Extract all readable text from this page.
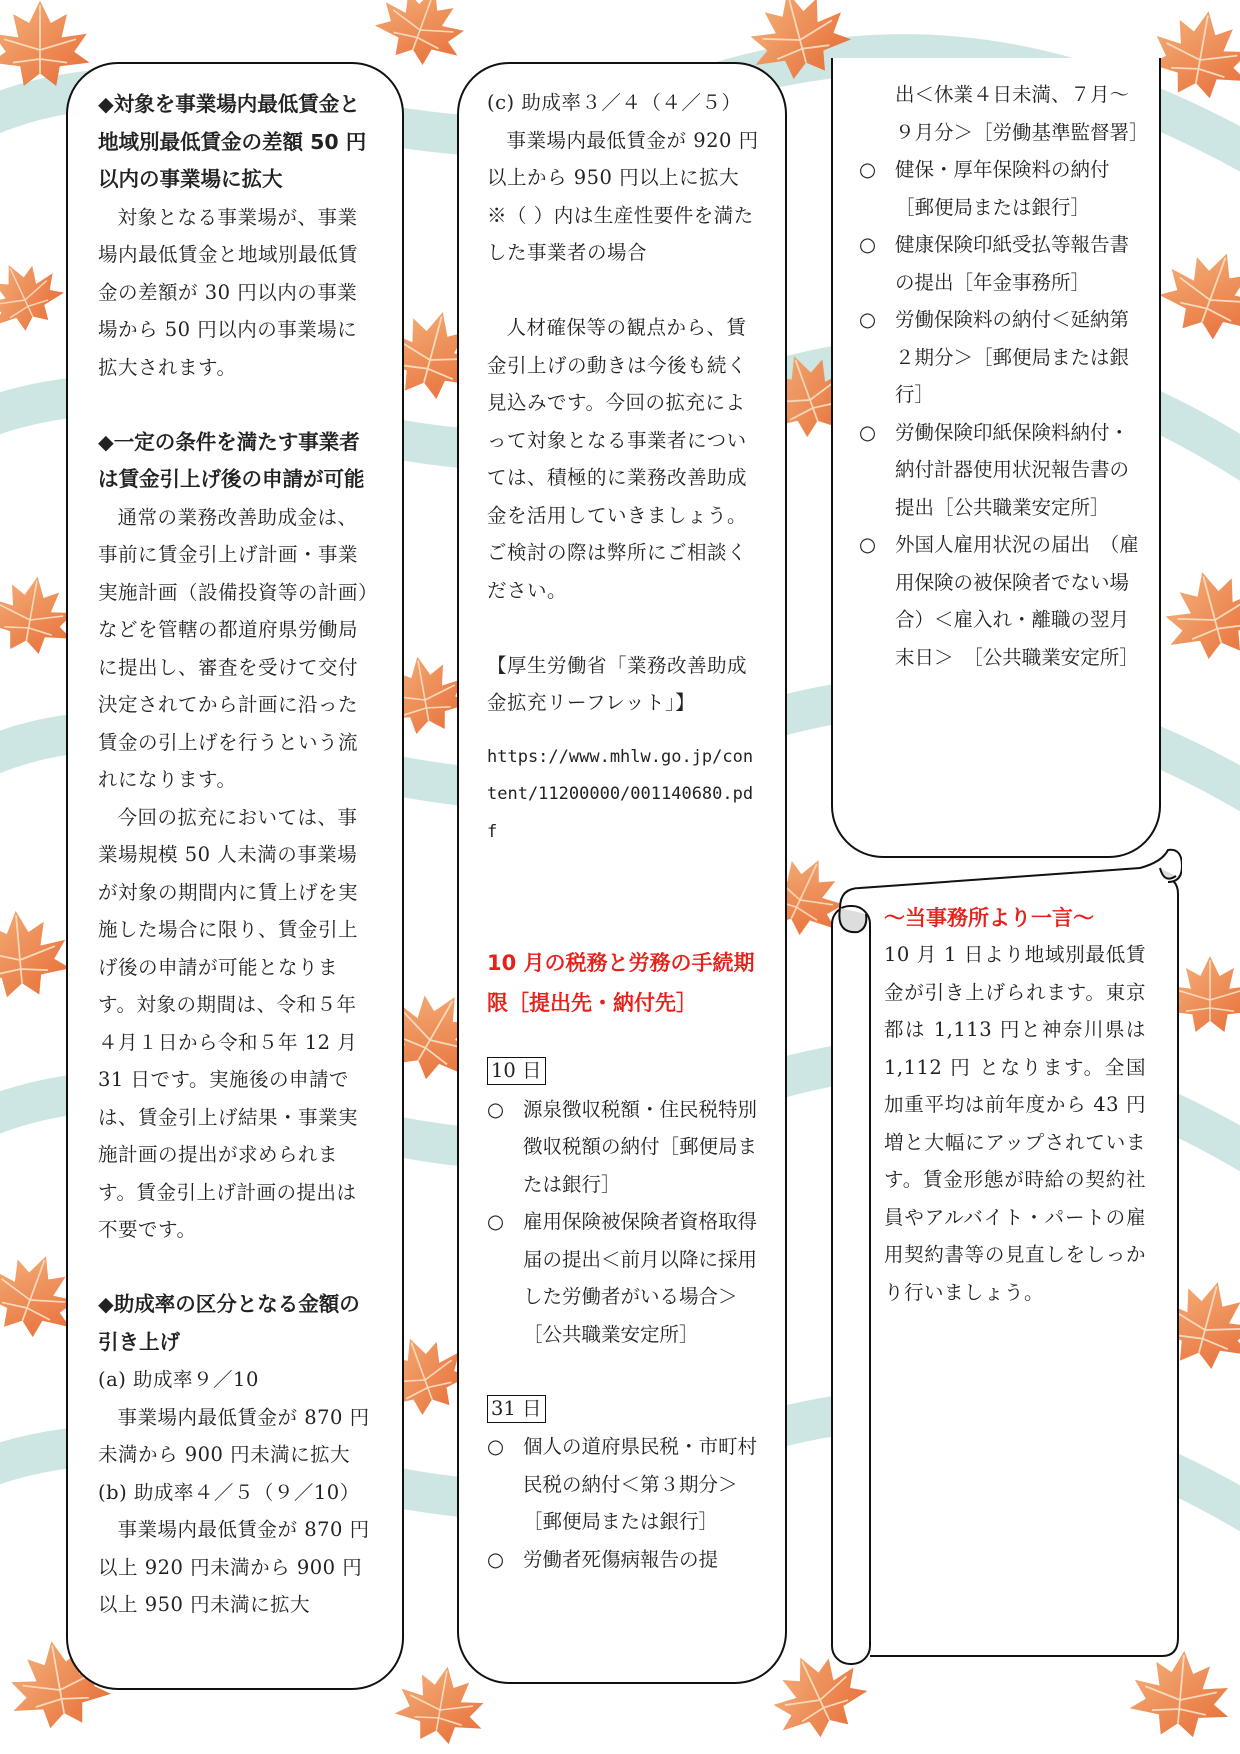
◆対象を事業場内最低賃金と地域別最低賃金の差額 50 円以内の事業場に拡大

対象となる事業場が、事業場内最低賃金と地域別最低賃金の差額が 30 円以内の事業場から 50 円以内の事業場に拡大されます。

◆一定の条件を満たす事業者は賃金引上げ後の申請が可能

通常の業務改善助成金は、事前に賃金引上げ計画・事業実施計画（設備投資等の計画）などを管轄の都道府県労働局に提出し、審査を受けて交付決定されてから計画に沿った賃金の引上げを行うという流れになります。

今回の拡充においては、事業場規模 50 人未満の事業場が対象の期間内に賃上げを実施した場合に限り、賃金引上げ後の申請が可能となります。対象の期間は、令和５年４月１日から令和５年 12 月 31 日です。実施後の申請では、賃金引上げ結果・事業実施計画の提出が求められます。賃金引上げ計画の提出は不要です。

◆助成率の区分となる金額の引き上げ

(a) 助成率９／10

事業場内最低賃金が 870 円未満から 900 円未満に拡大

(b) 助成率４／５（９／10）

事業場内最低賃金が 870 円以上 920 円未満から 900 円以上 950 円未満に拡大

(c) 助成率３／４（４／５）

事業場内最低賃金が 920 円以上から 950 円以上に拡大

※（ ）内は生産性要件を満たした事業者の場合

人材確保等の観点から、賃金引上げの動きは今後も続く見込みです。今回の拡充によって対象となる事業者については、積極的に業務改善助成金を活用していきましょう。ご検討の際は弊所にご相談ください。

【厚生労働省「業務改善助成金拡充リーフレット」】

https://www.mhlw.go.jp/content/11200000/001140680.pdf

10 月の税務と労務の手続期限［提出先・納付先］

10 日
○ 源泉徴収税額・住民税特別徴収税額の納付［郵便局または銀行］
○ 雇用保険被保険者資格取得届の提出＜前月以降に採用した労働者がいる場合＞　［公共職業安定所］
31 日
○ 個人の道府県民税・市町村民税の納付＜第３期分＞［郵便局または銀行］
○ 労働者死傷病報告の提
出＜休業４日未満、７月～９月分＞［労働基準監督署］
○ 健保・厚年保険料の納付　［郵便局または銀行］
○ 健康保険印紙受払等報告書の提出［年金事務所］
○ 労働保険料の納付＜延納第２期分＞［郵便局または銀行］
○ 労働保険印紙保険料納付・納付計器使用状況報告書の提出［公共職業安定所］
○ 外国人雇用状況の届出　（雇用保険の被保険者でない場合）＜雇入れ・離職の翌月末日＞　［公共職業安定所］

～当事務所より一言～

10 月 1 日より地域別最低賃金が引き上げられます。東京都は 1,113 円と神奈川県は 1,112 円 となります。全国加重平均は前年度から 43 円増と大幅にアップされています。賃金形態が時給の契約社員やアルバイト・パートの雇用契約書等の見直しをしっかり行いましょう。
